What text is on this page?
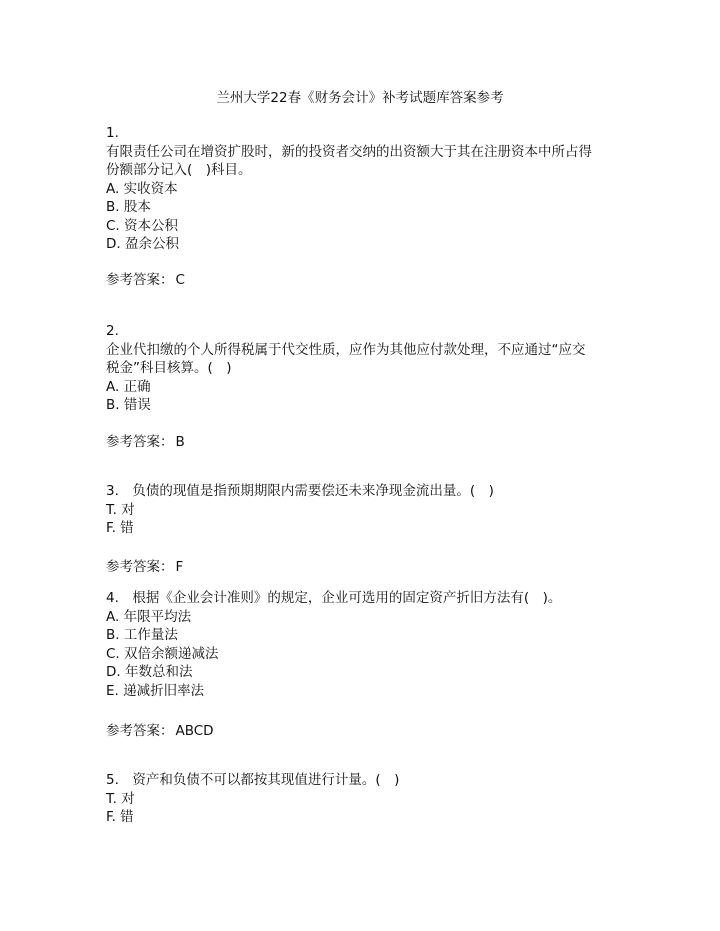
兰州大学22春《财务会计》补考试题库答案参考
1.
有限责任公司在增资扩股时，新的投资者交纳的出资额大于其在注册资本中所占得
份额部分记入(　)科目。
A. 实收资本
B. 股本
C. 资本公积
D. 盈余公积
参考答案： C
2.
企业代扣缴的个人所得税属于代交性质，应作为其他应付款处理，不应通过“应交
税金”科目核算。(　)
A. 正确
B. 错误
参考答案： B
3.　负债的现值是指预期期限内需要偿还未来净现金流出量。(　)
T. 对
F. 错
参考答案： F
4.　根据《企业会计准则》的规定，企业可选用的固定资产折旧方法有(　)。
A. 年限平均法
B. 工作量法
C. 双倍余额递减法
D. 年数总和法
E. 递减折旧率法
参考答案： ABCD
5.　资产和负债不可以都按其现值进行计量。(　)
T. 对
F. 错
